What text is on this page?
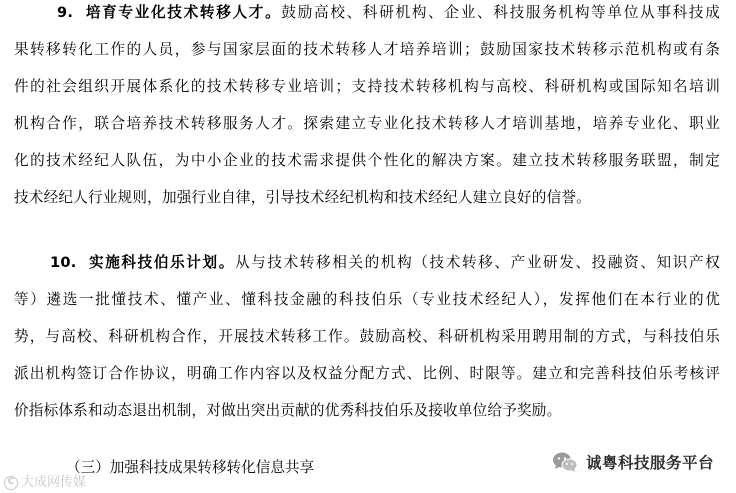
9. 培育专业化技术转移人才。鼓励高校、科研机构、企业、科技服务机构等单位从事科技成
果转移转化工作的人员，参与国家层面的技术转移人才培养培训；鼓励国家技术转移示范机构或有条
件的社会组织开展体系化的技术转移专业培训；支持技术转移机构与高校、科研机构或国际知名培训
机构合作，联合培养技术转移服务人才。探索建立专业化技术转移人才培训基地，培养专业化、职业
化的技术经纪人队伍，为中小企业的技术需求提供个性化的解决方案。建立技术转移服务联盟，制定
技术经纪人行业规则，加强行业自律，引导技术经纪机构和技术经纪人建立良好的信誉。
10. 实施科技伯乐计划。从与技术转移相关的机构（技术转移、产业研发、投融资、知识产权
等）遴选一批懂技术、懂产业、懂科技金融的科技伯乐（专业技术经纪人），发挥他们在本行业的优
势，与高校、科研机构合作，开展技术转移工作。鼓励高校、科研机构采用聘用制的方式，与科技伯乐
派出机构签订合作协议，明确工作内容以及权益分配方式、比例、时限等。建立和完善科技伯乐考核评
价指标体系和动态退出机制，对做出突出贡献的优秀科技伯乐及接收单位给予奖励。
（三）加强科技成果转移转化信息共享
C 大成网传媒
诚粤科技服务平台
